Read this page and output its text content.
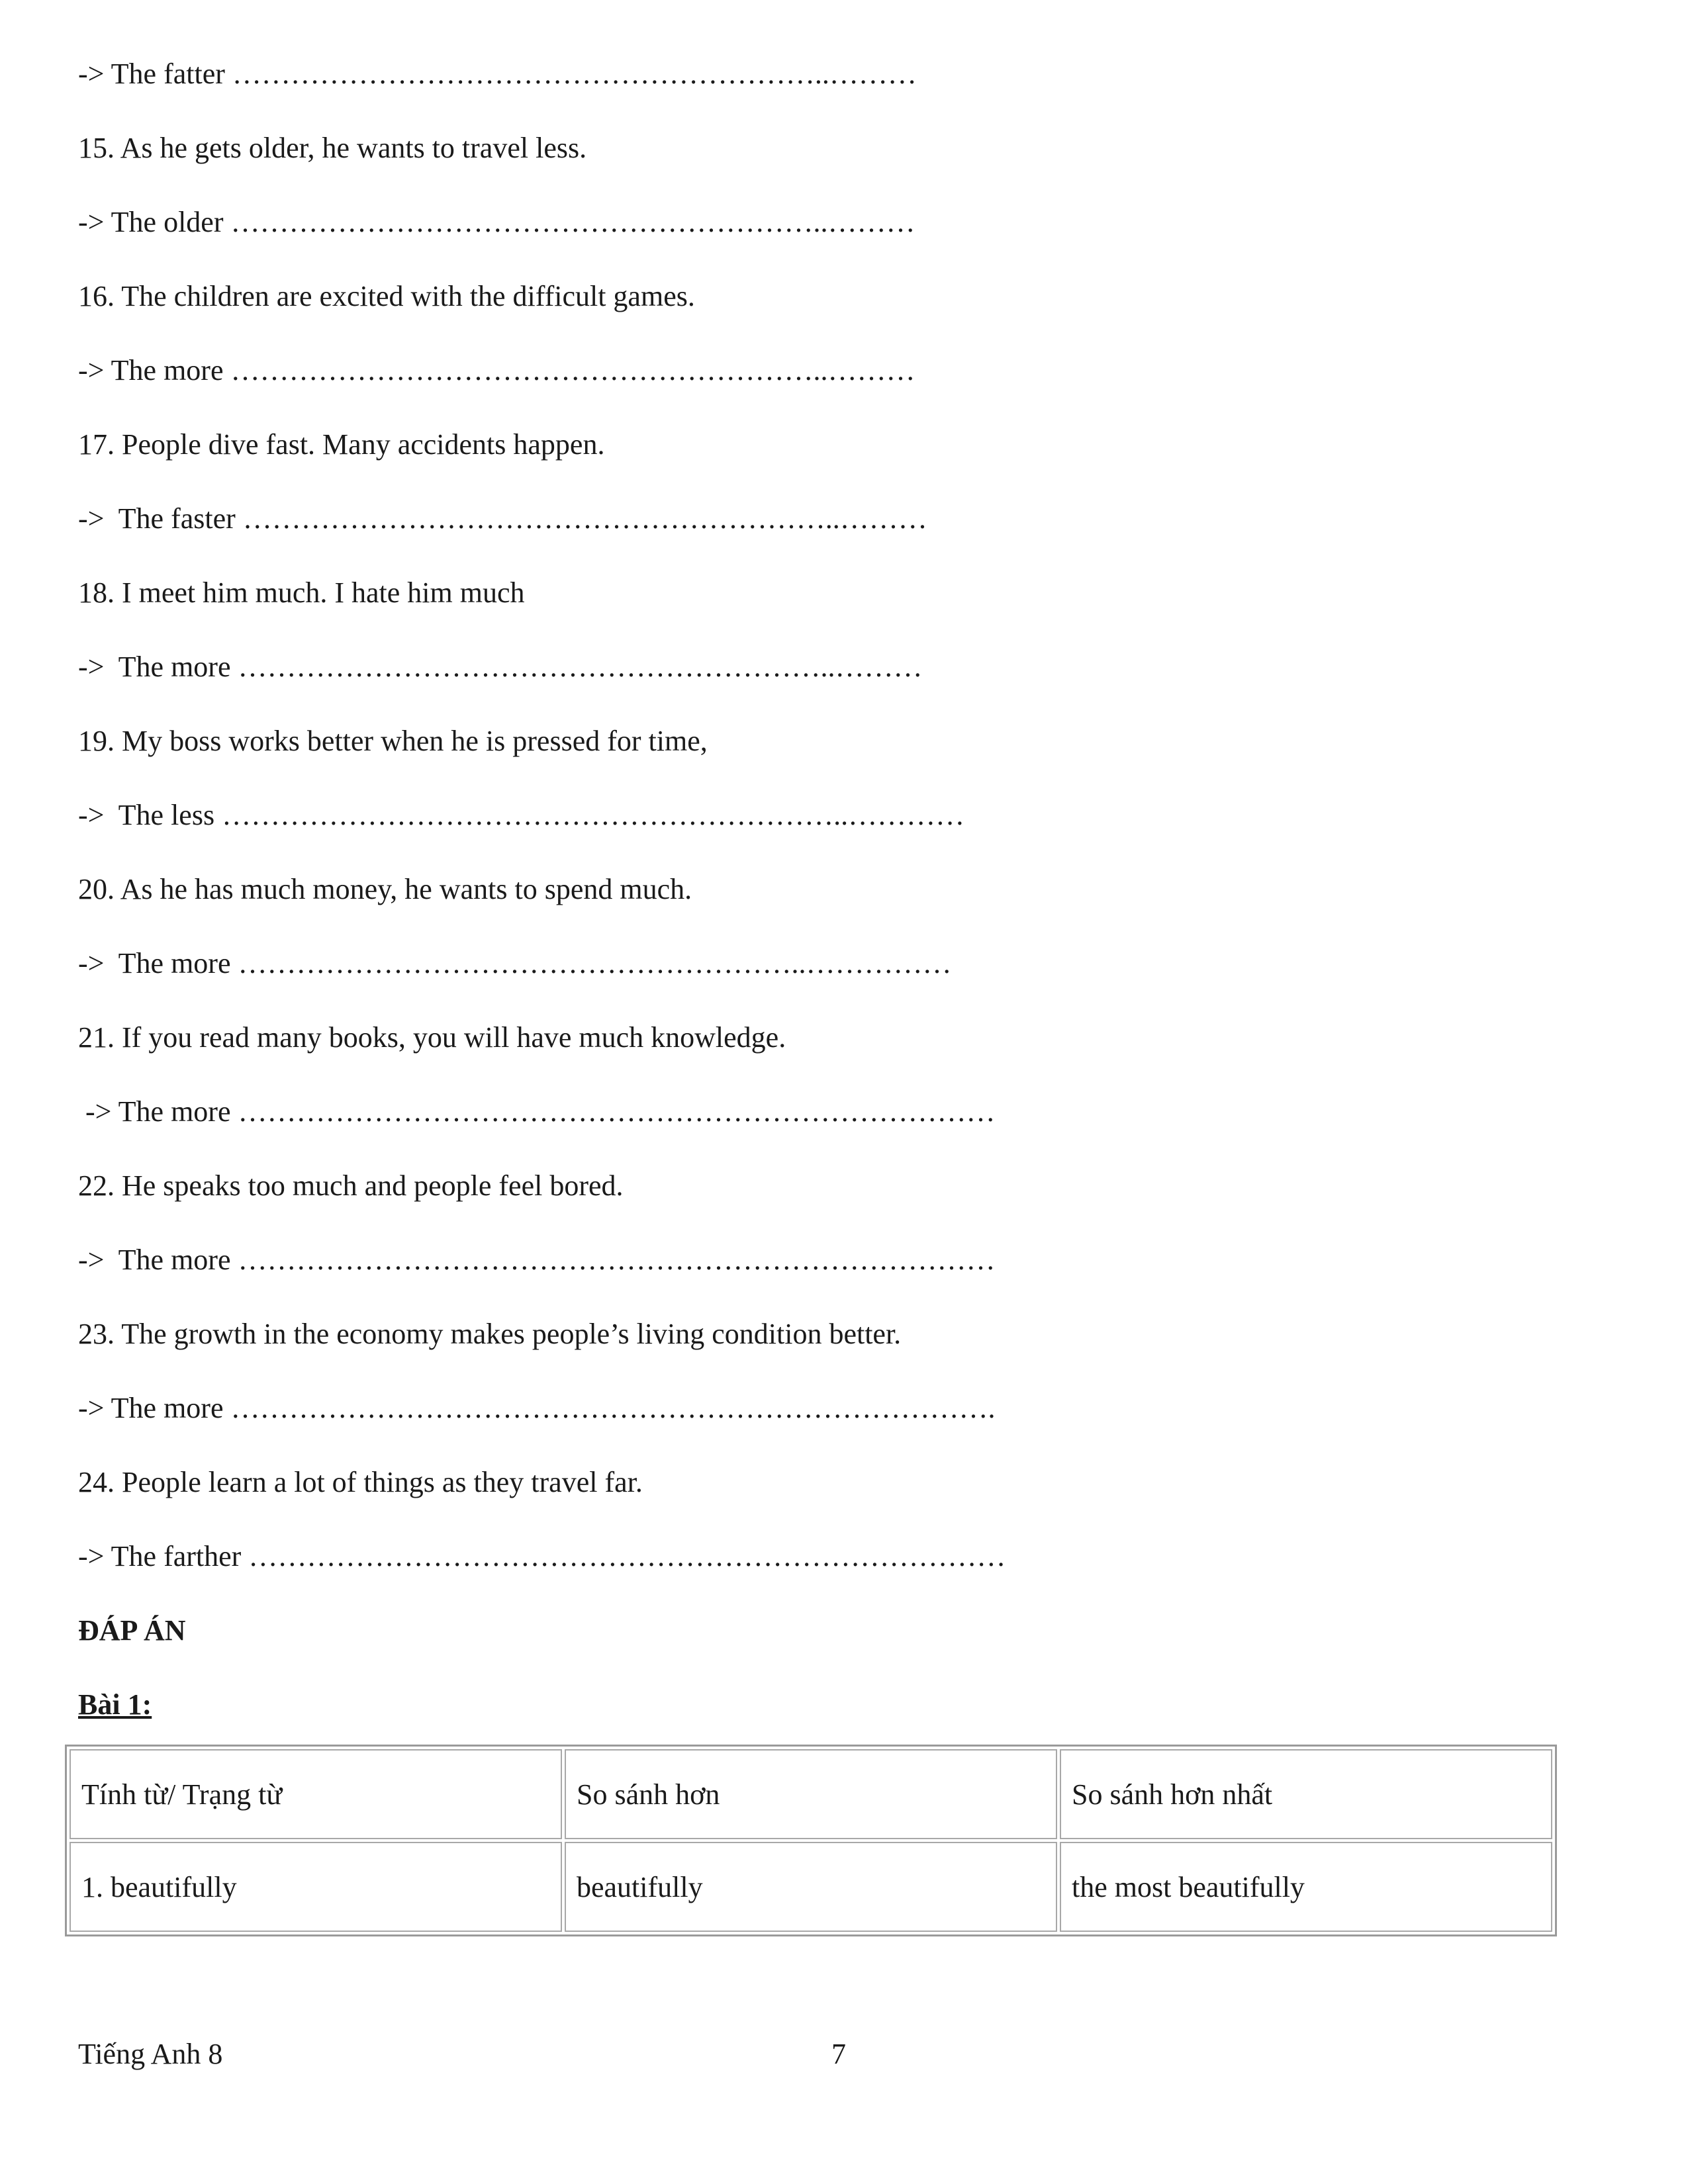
-> The fatter ……………………………………………………..………
15. As he gets older, he wants to travel less.
-> The older ……………………………………………………..………
16. The children are excited with the difficult games.
-> The more ……………………………………………………..………
17. People dive fast. Many accidents happen.
->  The faster ……………………………………………………..………
18. I meet him much. I hate him much
->  The more ……………………………………………………..………
19. My boss works better when he is pressed for time,
->  The less ………………………………………………………..…………
20. As he has much money, he wants to spend much.
->  The more …………………………………………………..……………
21. If you read many books, you will have much knowledge.
-> The more ……………………………………………………………………
22. He speaks too much and people feel bored.
->  The more ……………………………………………………………………
23. The growth in the economy makes people’s living condition better.
-> The more …………………………………………………………………….
24. People learn a lot of things as they travel far.
-> The farther ……………………………………………………………………
ĐÁP ÁN
Bài 1:
Tính từ/ Trạng từ	So sánh hơn	So sánh hơn nhất
1. beautifully	beautifully	the most beautifully
Tiếng Anh 8	7
